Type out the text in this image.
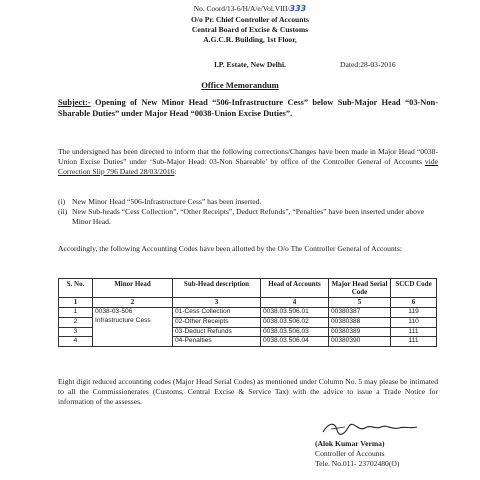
No. Coord/13-6/H/A/e/Vol.VIII/333
O/o Pr. Chief Controller of Accounts
Central Board of Excise & Customs
A.G.C.R. Building, 1st Floor,
I.P. Estate, New Delhi.	Dated:28-03-2016
Office Memorandum
Subject:- Opening of New Minor Head “506-Infrastructure Cess” below Sub-Major Head “03-Non-Sharable Duties” under Major Head “0038-Union Excise Duties”.
The undersigned has been directed to inform that the following corrections/Changes have been made in Major Head “0038-Union Excise Duties” under ‘Sub-Major Head: 03-Non Shareable’ by office of the Controller General of Accounts vide Correction Slip 796 Dated 28/03/2016:
(i) New Minor Head “506-Infrastructure Cess” has been inserted.
(ii) New Sub-heads “Cess Collection”, “Other Receipts”, Deduct Refunds”, “Penalties” have been inserted under above Minor Head.
Accordingly, the following Accounting Codes have been allotted by the O/o The Controller General of Accounts:
S. No.	Minor Head	Sub-Head description	Head of Accounts	Major Head Serial Code	SCCD Code
1	2	3	4	5	6
1	0038-03-506 Infrastructure Cess	01-Cess Collection	0038.03.506.01	00380387	119
2		02-Other Receipts	0038.03.506.02	00380388	110
3		03-Deduct Refunds	0038.03.506.03	00380389	111
4		04-Penalties	0038.03.506.04	00380390	111
Eight digit reduced accounting codes (Major Head Serial Codes) as mentioned under Column No. 5 may please be intimated to all the Commissionerates (Customs, Central Excise & Service Tax) with the advice to issue a Trade Notice for information of the assesses.
(Alok Kumar Verma)
Controller of Accounts
Tele. No.011- 23702480(O)
